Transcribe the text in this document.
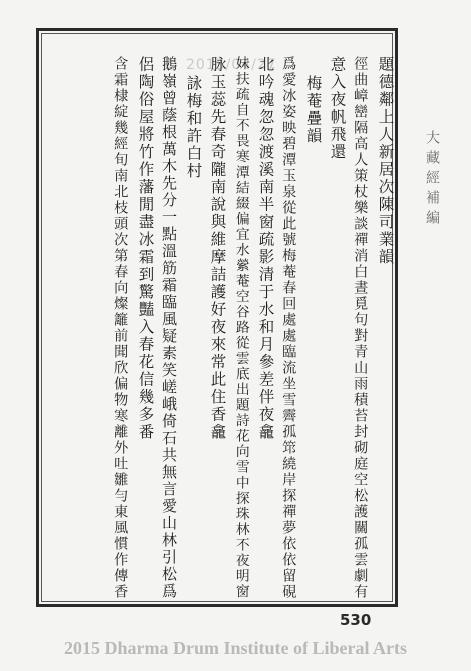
2015/04/27
大藏經補編
題德鄰上人新居次陳司業韻
徑曲嶂巒隔高人策杖樂談禪消白晝覓句對青山雨積苔封砌庭空松護關孤雲劇有
意入夜帆飛還
梅菴疊韻
爲愛冰姿映碧潭玉泉從此號梅菴春回處處臨流坐雪霽孤筇繞岸探禪夢依依留硯
北吟魂忽忽渡溪南半窗疏影清于水和月參差伴夜龕
妹扶疏自不畏寒潭結綴偏宜水縈菴空谷路從雲底出題詩花向雪中探珠林不夜明窗
脉玉蕊先春奇隴南說與維摩詰護好夜來常此住香龕
詠梅和許白村
鵝嶺曾蔭根萬木先分一點溫筋霜臨風疑素笑嵯峨倚石共無言愛山林引松爲
侶陶俗屋將竹作藩閒盡冰霜到驚豔入春花信幾多番
含霜棣綻幾經旬南北枝頭次第春向燦籬前聞欣偏物寒離外吐雛勻東風慣作傳香
530
2015 Dharma Drum Institute of Liberal Arts
